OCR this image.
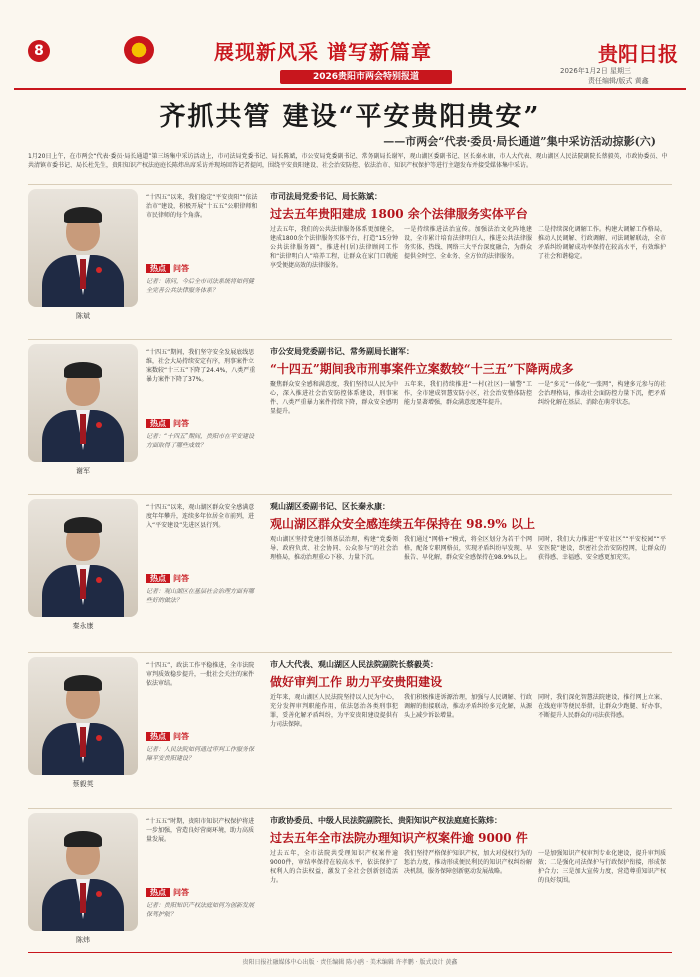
8	展现新风采 谱写新篇章
2026贵阳市两会特别报道
贵阳日报
2026年1月2日 星期三
责任编辑/版式 黄鑫
齐抓共管 建设“平安贵阳贵安”
——市两会“代表·委员·局长通道”集中采访活动掠影(六)
1月20日上午，在市两会“代表·委员·局长通道”第三场集中采访活动上，市司法局党委书记、局长陈斌，市公安局党委副书记、常务副局长谢军，观山湖区委副书记、区长秦永康，市人大代表、观山湖区人民法院副院长蔡毅英，市政协委员、中共清镇市委书记、局长杜先生，贵阳知识产权法庭庭长陈炜出席采访并现场回答记者提问，围绕平安贵阳建设、社会治安防控、依法治市、知识产权保护等进行主题发布并接受媒体集中采访。
陈斌
“十四五”以来，我们稳定“平安贵阳”“依法治市”建设，积极开展“十五五”公职律师和市民律师的每个角落。
热点 问答
记者：请问，今后全市司法系统将如何健全完善公共法律服务体系？
市司法局党委书记、局长陈斌：
过去五年贵阳建成 1800 余个法律服务实体平台
过去五年，我们的公共法律服务体系更加健全，建成1800余个法律服务实体平台，打造“15分钟公共法律服务圈”，推进村(居)法律顾问工作和“法律明白人”培养工程，让群众在家门口就能享受便捷高效的法律服务。
一是持续推进法治宣传。加强法治文化阵地建设，全市累计培育法律明白人，推进公共法律服务实体、热线、网络三大平台深度融合，为群众提供全时空、全业务、全方位的法律服务。
二是持续深化调解工作。构建大调解工作格局，推动人民调解、行政调解、司法调解联动，全市矛盾纠纷调解成功率保持在较高水平，有效维护了社会和谐稳定。
谢军
“十四五”期间，我们坚守安全发展底线思维，社会大局持续安定有序，刑事案件立案数较“十三五”下降了24.4%，八类严重暴力案件下降了37%。
热点 问答
记者：“十四五”期间，贵阳市在平安建设方面取得了哪些成效？
市公安局党委副书记、常务副局长谢军：
“十四五”期间我市刑事案件立案数较“十三五”下降两成多
聚焦群众安全感和满意度，我们坚持以人民为中心，深入推进社会治安防控体系建设，刑事案件、八类严重暴力案件持续下降，群众安全感明显提升。
五年来，我们持续推进“一村(社区)一辅警”工作，全市建成智慧安防小区，社会治安整体防控能力显著增强，群众满意度逐年提升。
一是“多元”一体化“一张网”，构建多元参与的社会治理格局，推动社会面防控力量下沉，把矛盾纠纷化解在基层、消除在萌芽状态。
秦永康
“十四五”以来，观山湖区群众安全感满意度年年攀升，连续多年位居全市前列，进入“平安建设”先进区县行列。
热点 问答
记者：观山湖区在基层社会治理方面有哪些好的做法？
观山湖区委副书记、区长秦永康：
观山湖区群众安全感连续五年保持在 98.9% 以上
观山湖区坚持党建引领基层治理，构建“党委领导、政府负责、社会协同、公众参与”的社会治理格局，推动治理重心下移、力量下沉。
我们通过“网格+”模式，将全区划分为若干个网格，配备专职网格员，实现矛盾纠纷早发现、早报告、早化解，群众安全感保持在98.9%以上。
同时，我们大力推进“平安社区”“平安校园”“平安医院”建设，织密社会治安防控网，让群众的获得感、幸福感、安全感更加充实。
蔡毅英
“十四五”，政法工作平稳推进，全市法院审判质效稳步提升，一批社会关注的案件依法审结。
热点 问答
记者：人民法院如何通过审判工作服务保障平安贵阳建设？
市人大代表、观山湖区人民法院副院长蔡毅英：
做好审判工作 助力平安贵阳建设
近年来，观山湖区人民法院坚持以人民为中心，充分发挥审判职能作用，依法惩治各类刑事犯罪，妥善化解矛盾纠纷，为平安贵阳建设提供有力司法保障。
我们积极推进诉源治理，加强与人民调解、行政调解的衔接联动，推动矛盾纠纷多元化解，从源头上减少诉讼增量。
同时，我们深化智慧法院建设，推行网上立案、在线庭审等便民举措，让群众少跑腿、好办事，不断提升人民群众的司法获得感。
陈炜
“十五五”时期，贵阳市知识产权保护将进一步加强，营造良好营商环境，助力高质量发展。
热点 问答
记者：贵阳知识产权法庭如何为创新发展保驾护航？
市政协委员、中级人民法院副院长、贵阳知识产权法庭庭长陈炜：
过去五年全市法院办理知识产权案件逾 9000 件
过去五年，全市法院共受理知识产权案件逾9000件，审结率保持在较高水平，依法保护了权利人的合法权益，激发了全社会创新创造活力。
我们坚持严格保护知识产权，加大对侵权行为的惩治力度，推动形成便民利民的知识产权纠纷解决机制，服务保障创新驱动发展战略。
一是加强知识产权审判专业化建设，提升审判质效；二是强化司法保护与行政保护衔接，形成保护合力；三是加大宣传力度，营造尊重知识产权的良好氛围。
贵阳日报社融媒体中心出版 · 责任编辑 陈小鸥 · 美术编辑 许孝鹏 · 版式设计 黄鑫
